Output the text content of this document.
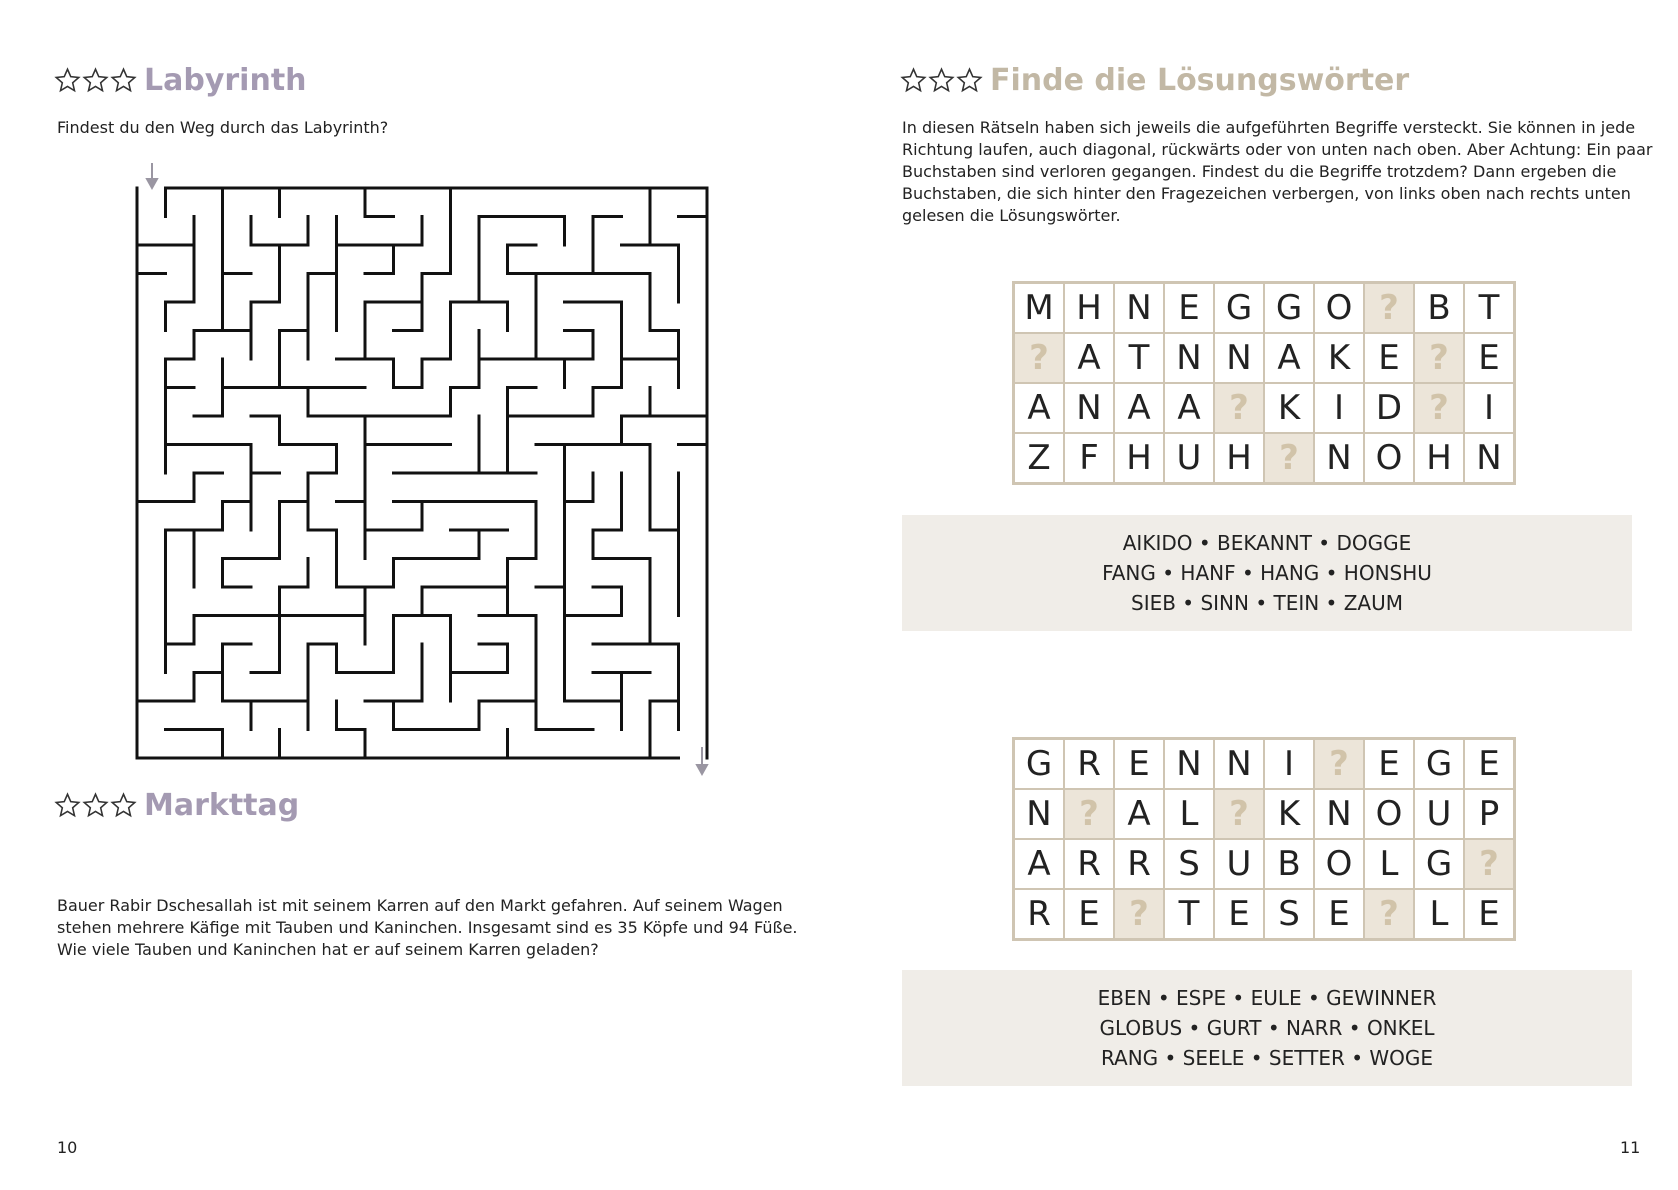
Labyrinth

Findest du den Weg durch das Labyrinth?

Markttag
Bauer Rabir Dschesallah ist mit seinem Karren auf den Markt gefahren. Auf seinem Wagen
stehen mehrere Käfige mit Tauben und Kaninchen. Insgesamt sind es 35 Köpfe und 94 Füße.
Wie viele Tauben und Kaninchen hat er auf seinem Karren geladen?
10
Finde die Lösungswörter
In diesen Rätseln haben sich jeweils die aufgeführten Begriffe versteckt. Sie können in jede
Richtung laufen, auch diagonal, rückwärts oder von unten nach oben. Aber Achtung: Ein paar
Buchstaben sind verloren gegangen. Findest du die Begriffe trotzdem? Dann ergeben die
Buchstaben, die sich hinter den Fragezeichen verbergen, von links oben nach rechts unten
gelesen die Lösungswörter.
M	H	N	E	G	G	O	?	B	T
?	A	T	N	N	A	K	E	?	E
A	N	A	A	?	K	I	D	?	I
Z	F	H	U	H	?	N	O	H	N
AIKIDO • BEKANNT • DOGGE
FANG • HANF • HANG • HONSHU
SIEB • SINN • TEIN • ZAUM
G	R	E	N	N	I	?	E	G	E
N	?	A	L	?	K	N	O	U	P
A	R	R	S	U	B	O	L	G	?
R	E	?	T	E	S	E	?	L	E
EBEN • ESPE • EULE • GEWINNER
GLOBUS • GURT • NARR • ONKEL
RANG • SEELE • SETTER • WOGE
11
